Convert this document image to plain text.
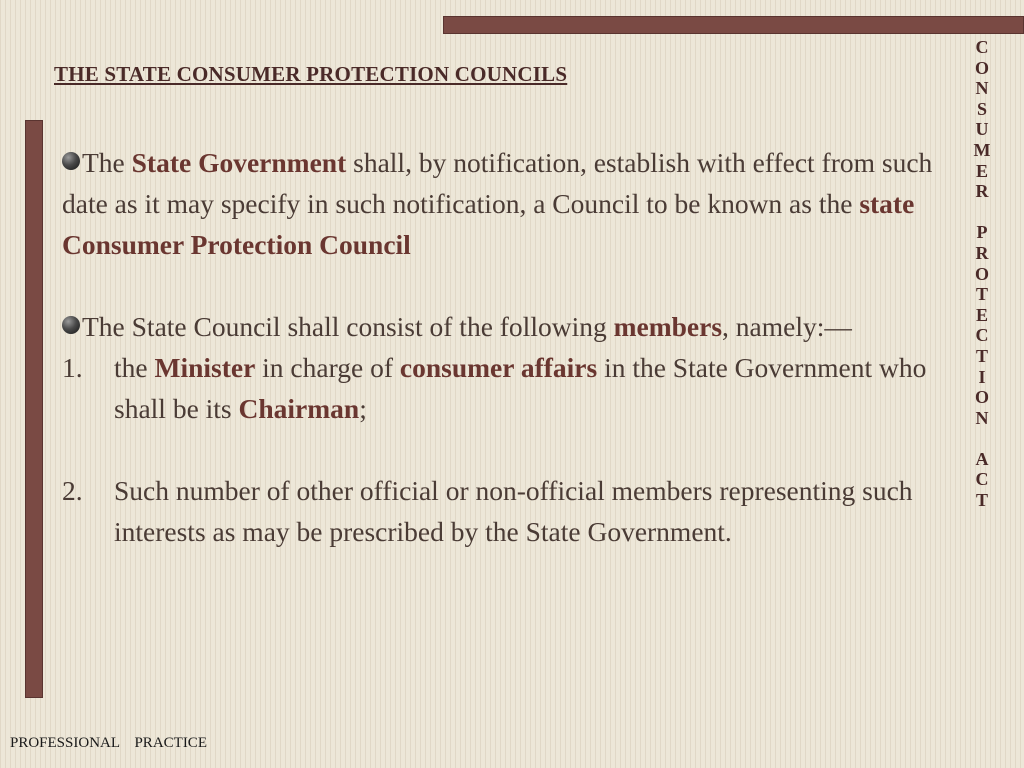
THE STATE CONSUMER PROTECTION COUNCILS
C
O
N
S
U
M
E
R
P
R
O
T
E
C
T
I
O
N
A
C
T

The State Government shall, by notification, establish with effect from such date as it may specify in such notification, a Council to be known as the state Consumer Protection Council

The State Council shall consist of the following members, namely:—

1.	the Minister in charge of consumer affairs in the State Government who shall be its Chairman;
2.	Such number of other official or non-official members representing such interests as may be prescribed by the State Government.
PROFESSIONAL    PRACTICE
